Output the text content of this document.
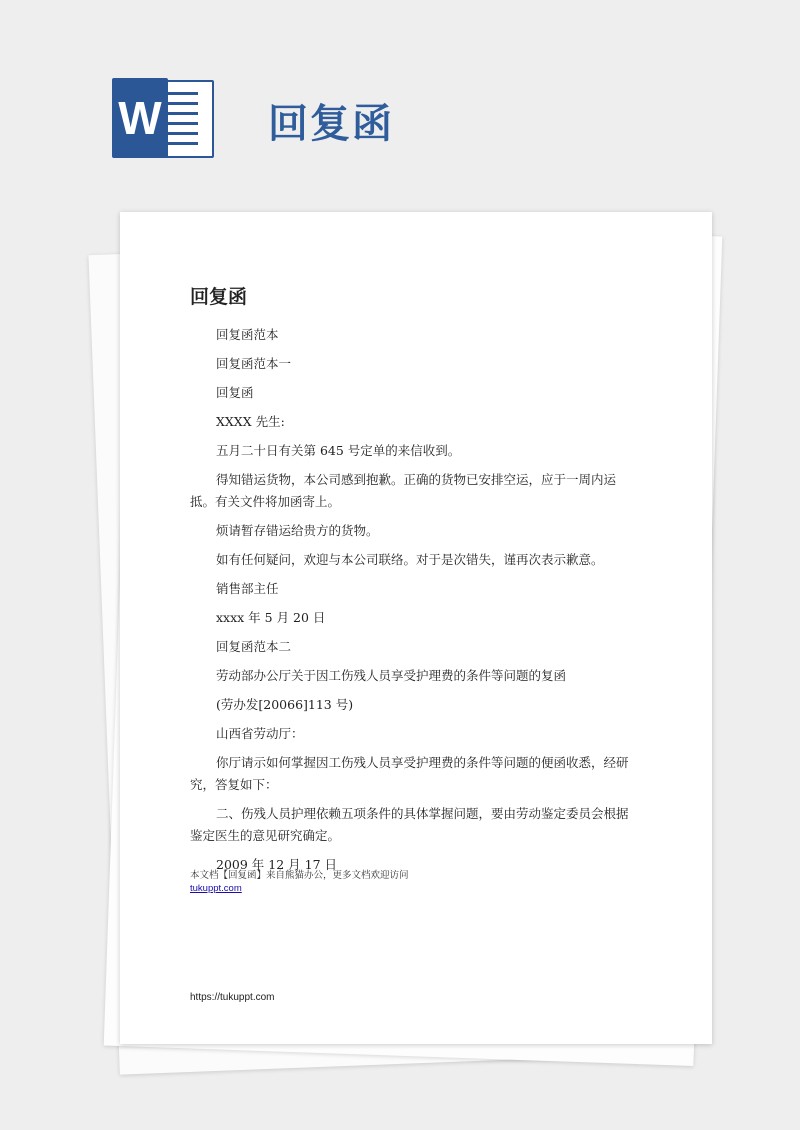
W	回复函
回复函

回复函范本

回复函范本一

回复函

XXXX 先生:

五月二十日有关第 645 号定单的来信收到。

得知错运货物，本公司感到抱歉。正确的货物已安排空运，应于一周内运抵。有关文件将加函寄上。

烦请暂存错运给贵方的货物。

如有任何疑问，欢迎与本公司联络。对于是次错失，谨再次表示歉意。

销售部主任

xxxx 年 5 月 20 日

回复函范本二

劳动部办公厅关于因工伤残人员享受护理费的条件等问题的复函

(劳办发[20066]113 号)

山西省劳动厅：

你厅请示如何掌握因工伤残人员享受护理费的条件等问题的便函收悉，经研究，答复如下：

二、伤残人员护理依赖五项条件的具体掌握问题，要由劳动鉴定委员会根据鉴定医生的意见研究确定。

2009 年 12 月 17 日

本文档【回复函】来自熊猫办公，更多文档欢迎访问
tukuppt.com
https://tukuppt.com
